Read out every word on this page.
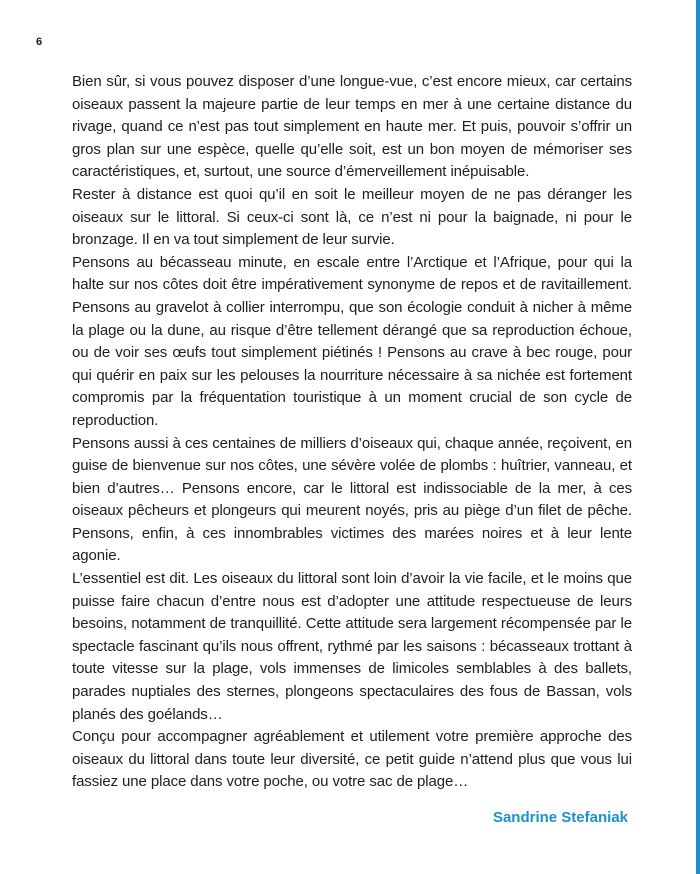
6

Bien sûr, si vous pouvez disposer d’une longue-vue, c’est encore mieux, car certains oiseaux passent la majeure partie de leur temps en mer à une certaine distance du rivage, quand ce n’est pas tout simplement en haute mer. Et puis, pouvoir s’offrir un gros plan sur une espèce, quelle qu’elle soit, est un bon moyen de mémoriser ses caractéristiques, et, surtout, une source d’émerveillement inépuisable.

Rester à distance est quoi qu’il en soit le meilleur moyen de ne pas déranger les oiseaux sur le littoral. Si ceux-ci sont là, ce n’est ni pour la baignade, ni pour le bronzage. Il en va tout simplement de leur survie.

Pensons au bécasseau minute, en escale entre l’Arctique et l’Afrique, pour qui la halte sur nos côtes doit être impérativement synonyme de repos et de ravitaillement. Pensons au gravelot à collier interrompu, que son écologie conduit à nicher à même la plage ou la dune, au risque d’être tellement dérangé que sa reproduction échoue, ou de voir ses œufs tout simplement piétinés ! Pensons au crave à bec rouge, pour qui quérir en paix sur les pelouses la nourriture nécessaire à sa nichée est fortement compromis par la fréquentation touristique à un moment crucial de son cycle de reproduction.

Pensons aussi à ces centaines de milliers d’oiseaux qui, chaque année, reçoivent, en guise de bienvenue sur nos côtes, une sévère volée de plombs : huîtrier, vanneau, et bien d’autres… Pensons encore, car le littoral est indissociable de la mer, à ces oiseaux pêcheurs et plongeurs qui meurent noyés, pris au piège d’un filet de pêche. Pensons, enfin, à ces innombrables victimes des marées noires et à leur lente agonie.

L’essentiel est dit. Les oiseaux du littoral sont loin d’avoir la vie facile, et le moins que puisse faire chacun d’entre nous est d’adopter une attitude respectueuse de leurs besoins, notamment de tranquillité. Cette attitude sera largement récompensée par le spectacle fascinant qu’ils nous offrent, rythmé par les saisons : bécasseaux trottant à toute vitesse sur la plage, vols immenses de limicoles semblables à des ballets, parades nuptiales des sternes, plongeons spectaculaires des fous de Bassan, vols planés des goélands…

Conçu pour accompagner agréablement et utilement votre première approche des oiseaux du littoral dans toute leur diversité, ce petit guide n’attend plus que vous lui fassiez une place dans votre poche, ou votre sac de plage…

Sandrine Stefaniak
